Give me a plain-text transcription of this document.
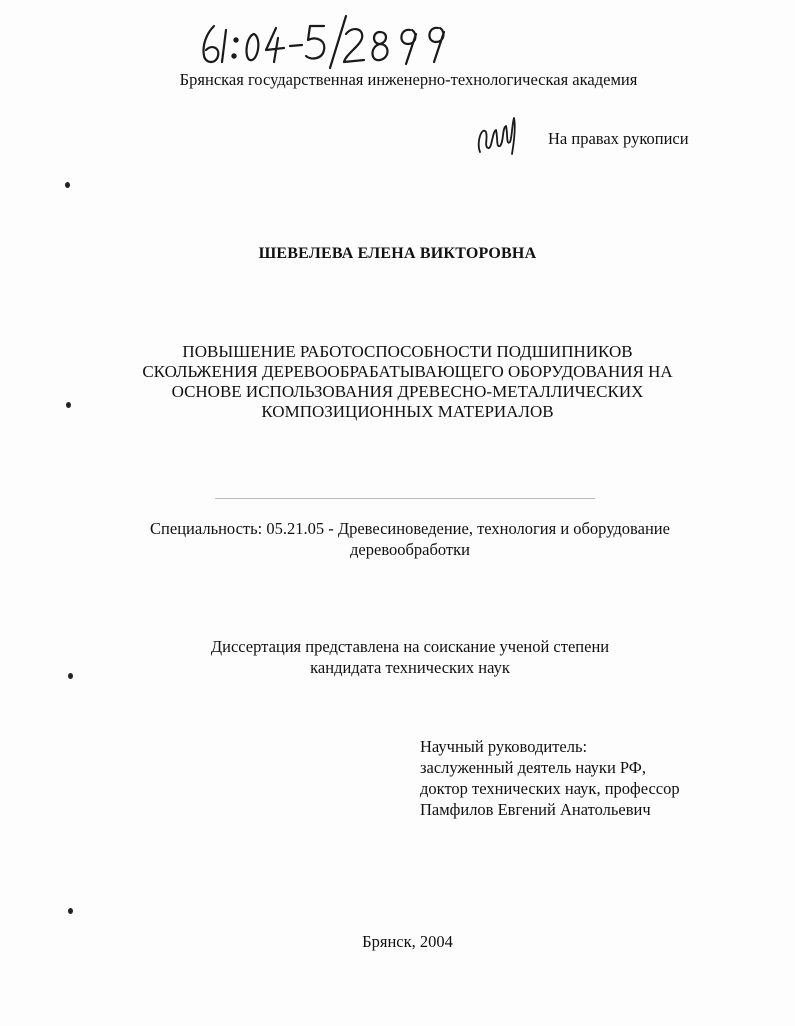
Брянская государственная инженерно-технологическая академия
На правах рукописи
ШЕВЕЛЕВА ЕЛЕНА ВИКТОРОВНА
ПОВЫШЕНИЕ РАБОТОСПОСОБНОСТИ ПОДШИПНИКОВ
СКОЛЬЖЕНИЯ ДЕРЕВООБРАБАТЫВАЮЩЕГО ОБОРУДОВАНИЯ НА
ОСНОВЕ ИСПОЛЬЗОВАНИЯ ДРЕВЕСНО-МЕТАЛЛИЧЕСКИХ
КОМПОЗИЦИОННЫХ МАТЕРИАЛОВ
Специальность: 05.21.05 - Древесиноведение, технология и оборудование
деревообработки
Диссертация представлена на соискание ученой степени
кандидата технических наук
Научный руководитель:
заслуженный деятель науки РФ,
доктор технических наук, профессор
Памфилов Евгений Анатольевич
Брянск, 2004
